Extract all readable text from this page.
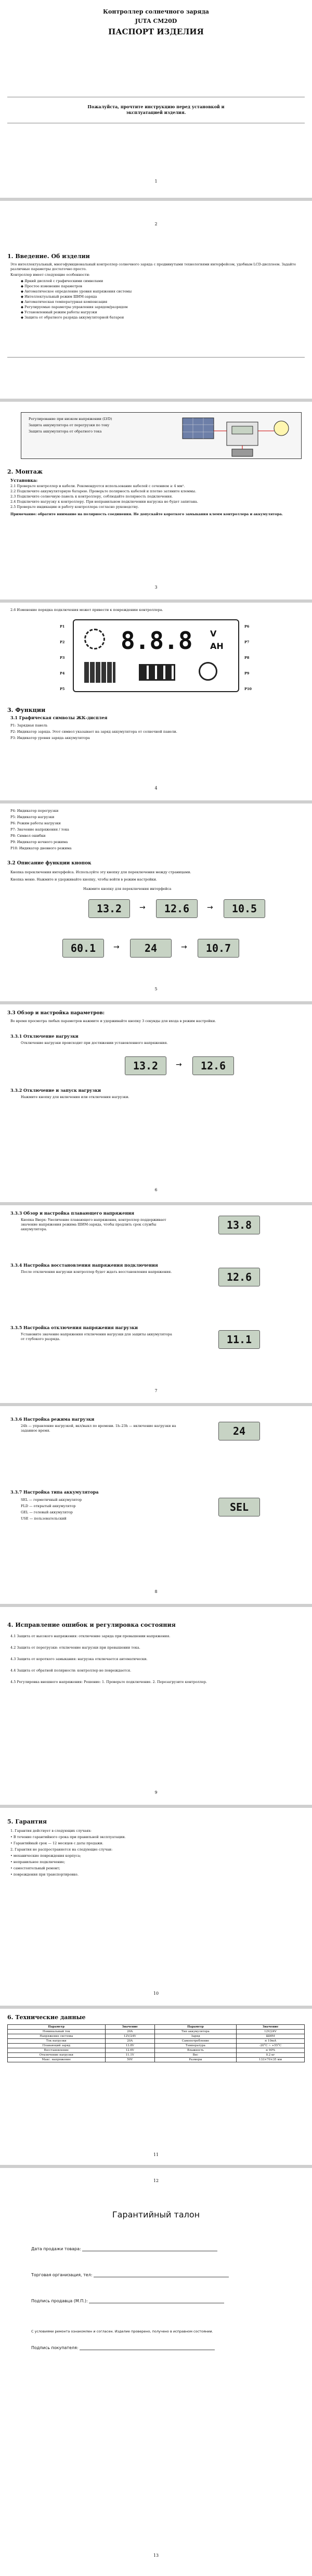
Контроллер солнечного заряда
JUTA CM20D
ПАСПОРТ ИЗДЕЛИЯ
Пожалуйста, прочтите инструкцию перед установкой и эксплуатацией изделия.
1
2
1. Введение. Об изделии
Это интеллектуальный, многофункциональный контроллер солнечного заряда с продвинутыми технологиями интерфейсом, удобным LCD-дисплеем. Задайте различные параметры достаточно просто.
Контроллер имеет следующие особенности:
◆ Яркий дисплей с графическими символами
◆ Простое изменение параметров
◆ Автоматическое определение уровня напряжения системы
◆ Интеллектуальный режим ШИМ-заряда
◆ Автоматическая температурная компенсация
◆ Регулируемые параметры управления зарядом/разрядом
◆ Установленный режим работы нагрузки
◆ Защита от обратного разряда аккумуляторной батареи
Регулирование при низком напряжении (LVD)
Защита аккумулятора от перегрузки по току
Защита аккумулятора от обратного тока
2. Монтаж
Установка:
2.1 Проверьте контроллер и кабели. Рекомендуется использование кабелей с сечением ≥ 4 мм².
2.2 Подключите аккумуляторную батарею. Проверьте полярность кабелей и плотно затяните клеммы.
2.3 Подключите солнечную панель к контроллеру, соблюдайте полярность подключения.
2.4 Подключите нагрузку к контроллеру. При неправильном подключении нагрузка не будет запитана.
2.5 Проверьте индикацию и работу контроллера согласно руководству.
Примечание: обратите внимание на полярность соединения. Не допускайте короткого замыкания клемм контроллера и аккумулятора.
3
2.6 Изменение порядка подключения может привести к повреждению контроллера.
8.8.8 V
AH
P1
P2
P3
P4
P5
P6
P7
P8
P9
P10
3. Функции
3.1 Графическая символы ЖК-дисплея
P1: Зарядная панель
P2: Индикатор заряда. Этот символ указывает на заряд аккумулятора от солнечной панели.
P3: Индикатор уровня заряда аккумулятора
4
P4: Индикатор перегрузки
P5: Индикатор нагрузки
P6: Режим работы нагрузки
P7: Значение напряжения / тока
P8: Символ ошибки
P9: Индикатор ночного режима
P10: Индикатор дневного режима
3.2 Описание функции кнопок
Кнопка переключения интерфейса. Используйте эту кнопку для переключения между страницами.
Кнопка меню. Нажмите и удерживайте кнопку, чтобы войти в режим настройки.
Нажмите кнопку для переключения интерфейса
13.2	→	12.6	→	10.5
60.1	→	24	→	10.7
5
3.3 Обзор и настройка параметров:
Во время просмотра любых параметров нажмите и удерживайте кнопку 3 секунды для входа в режим настройки.
3.3.1 Отключение нагрузки
Отключение нагрузки происходит при достижении установленного напряжения.
13.2	→	12.6
3.3.2 Отключение и запуск нагрузки
Нажмите кнопку для включения или отключения нагрузки.
6
3.3.3 Обзор и настройка плавающего напряжения
Кнопка Вверх: Увеличение плавающего напряжения, контроллер поддерживает значение напряжения режима ШИМ-заряда, чтобы продлить срок службы аккумулятора.	13.8
3.3.4 Настройка восстановления напряжения подключения
После отключения нагрузки контроллер будет ждать восстановления напряжения.	12.6
3.3.5 Настройка отключения напряжения нагрузки
Установите значение напряжения отключения нагрузки для защиты аккумулятора от глубокого разряда.	11.1
7
3.3.6 Настройка режима нагрузки
24h — управление нагрузкой, вкл/выкл по времени. 1h–23h — включение нагрузки на заданное время.	24
3.3.7 Настройка типа аккумулятора
SEL — герметичный аккумулятор
FLD — открытый аккумулятор
GEL — гелевый аккумулятор
USE — пользовательский
SEL
8
4. Исправление ошибок и регулировка состояния
4.1 Защита от высокого напряжения: отключение заряда при превышении напряжения.
4.2 Защита от перегрузки: отключение нагрузки при превышении тока.
4.3 Защита от короткого замыкания: нагрузка отключается автоматически.
4.4 Защита от обратной полярности: контроллер не повреждается.
4.5 Регулировка внешнего напряжения: Решение: 1. Проверьте подключение. 2. Перезагрузите контроллер.
9
5. Гарантия
1. Гарантия действует в следующих случаях:
• В течение гарантийного срока при правильной эксплуатации.
• Гарантийный срок — 12 месяцев с даты продажи.
2. Гарантия не распространяется на следующие случаи:
• механические повреждения корпуса;
• неправильное подключение;
• самостоятельный ремонт;
• повреждения при транспортировке.
10
6. Технические данные
Параметр	Значение	Параметр	Значение
Номинальный ток	20A	Тип аккумулятора	12V/24V
Напряжение системы	12V/24V	Заряд	ШИМ
Ток нагрузки	20A	Самопотребление	≤ 10mA
Плавающий заряд	13.8V	Температура	-20°C ~ +55°C
Восстановление	12.6V	Влажность	≤ 90%
Отключение нагрузки	11.1V	Вес	0.2 кг
Макс. напряжение	50V	Размеры	133×70×35 мм
11
12
Гарантийный талон
Дата продажи товара:
Торговая организация, тел:
Подпись продавца (М.П.):
С условиями ремонта ознакомлен и согласен. Изделие проверено, получено в исправном состоянии.
Подпись покупателя:
13
